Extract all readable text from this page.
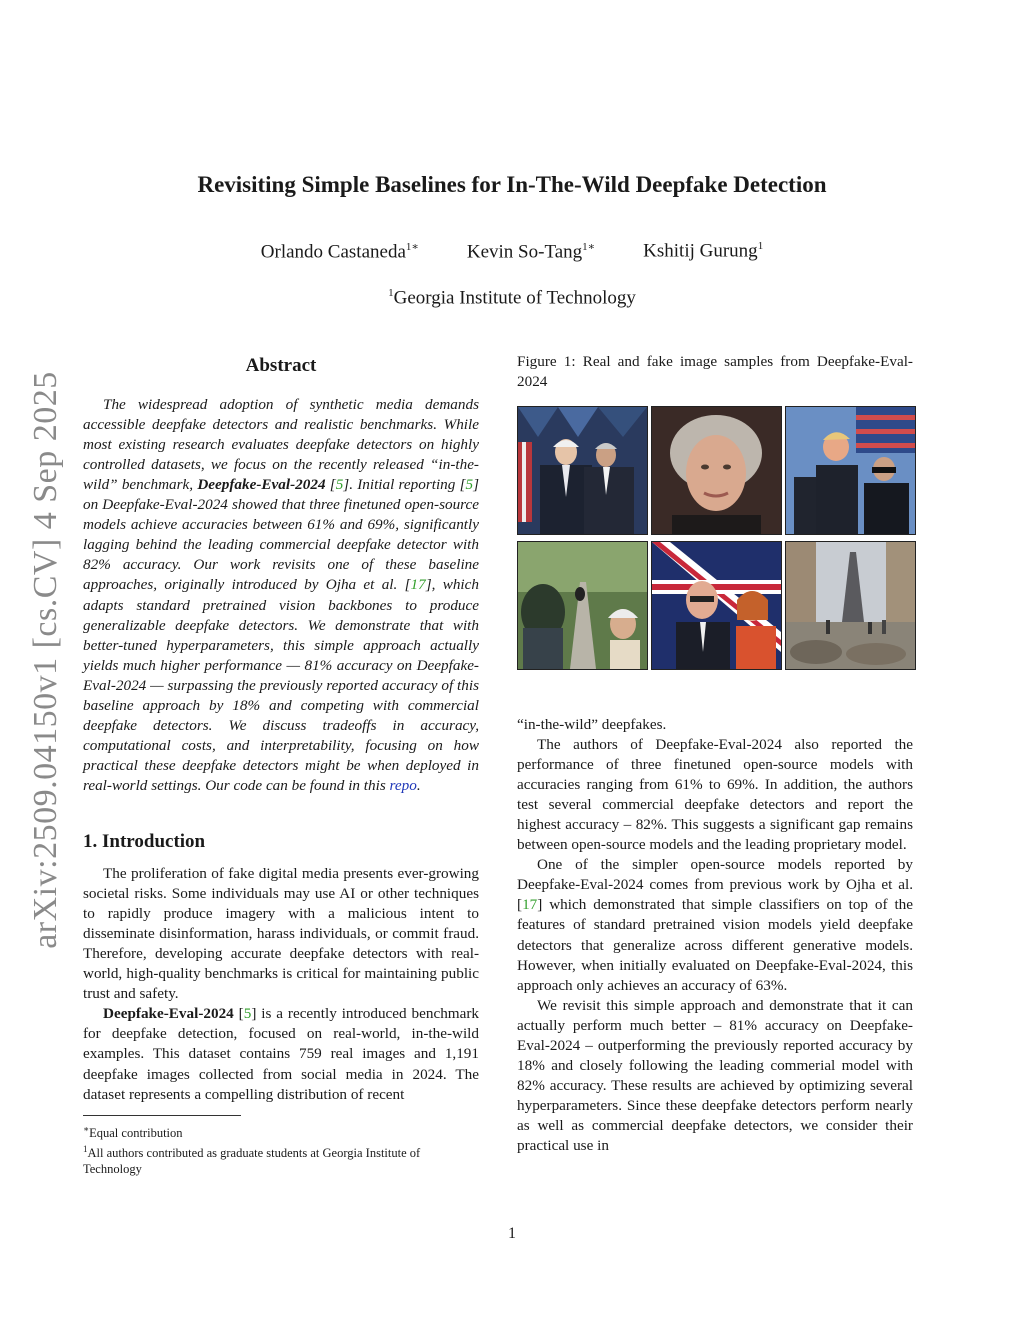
arXiv:2509.04150v1 [cs.CV] 4 Sep 2025
Revisiting Simple Baselines for In-The-Wild Deepfake Detection
Orlando Castaneda$^{1∗}$	Kevin So-Tang$^{1∗}$	Kshitij Gurung$^1$
$^1$Georgia Institute of Technology
Abstract

The widespread adoption of synthetic media demands accessible deepfake detectors and realistic benchmarks. While most existing research evaluates deepfake detectors on highly controlled datasets, we focus on the recently released “in-the-wild” benchmark, Deepfake-Eval-2024 [5]. Initial reporting [5] on Deepfake-Eval-2024 showed that three finetuned open-source models achieve accuracies between 61% and 69%, significantly lagging behind the leading commercial deepfake detector with 82% accuracy. Our work revisits one of these baseline approaches, originally introduced by Ojha et al. [17], which adapts standard pretrained vision backbones to produce generalizable deepfake detectors. We demonstrate that with better-tuned hyperparameters, this simple approach actually yields much higher performance — 81% accuracy on Deepfake-Eval-2024 — surpassing the previously reported accuracy of this baseline approach by 18% and competing with commercial deepfake detectors. We discuss tradeoffs in accuracy, computational costs, and interpretability, focusing on how practical these deepfake detectors might be when deployed in real-world settings. Our code can be found in this repo.

1. Introduction

The proliferation of fake digital media presents ever-growing societal risks. Some individuals may use AI or other techniques to rapidly produce imagery with a malicious intent to disseminate disinformation, harass individuals, or commit fraud. Therefore, developing accurate deepfake detectors with real-world, high-quality benchmarks is critical for maintaining public trust and safety.

Deepfake-Eval-2024 [5] is a recently introduced benchmark for deepfake detection, focused on real-world, in-the-wild examples. This dataset contains 759 real images and 1,191 deepfake images collected from social media in 2024. The dataset represents a compelling distribution of recent

∗Equal contribution
$^1$All authors contributed as graduate students at Georgia Institute of Technology

Figure 1: Real and fake image samples from Deepfake-Eval-2024

“in-the-wild” deepfakes.

The authors of Deepfake-Eval-2024 also reported the performance of three finetuned open-source models with accuracies ranging from 61% to 69%. In addition, the authors test several commercial deepfake detectors and report the highest accuracy – 82%. This suggests a significant gap remains between open-source models and the leading proprietary model.

One of the simpler open-source models reported by Deepfake-Eval-2024 comes from previous work by Ojha et al. [17] which demonstrated that simple classifiers on top of the features of standard pretrained vision models yield deepfake detectors that generalize across different generative models. However, when initially evaluated on Deepfake-Eval-2024, this approach only achieves an accuracy of 63%.

We revisit this simple approach and demonstrate that it can actually perform much better – 81% accuracy on Deepfake-Eval-2024 – outperforming the previously reported accuracy by 18% and closely following the leading commerial model with 82% accuracy. These results are achieved by optimizing several hyperparameters. Since these deepfake detectors perform nearly as well as commercial deepfake detectors, we consider their practical use in

1
